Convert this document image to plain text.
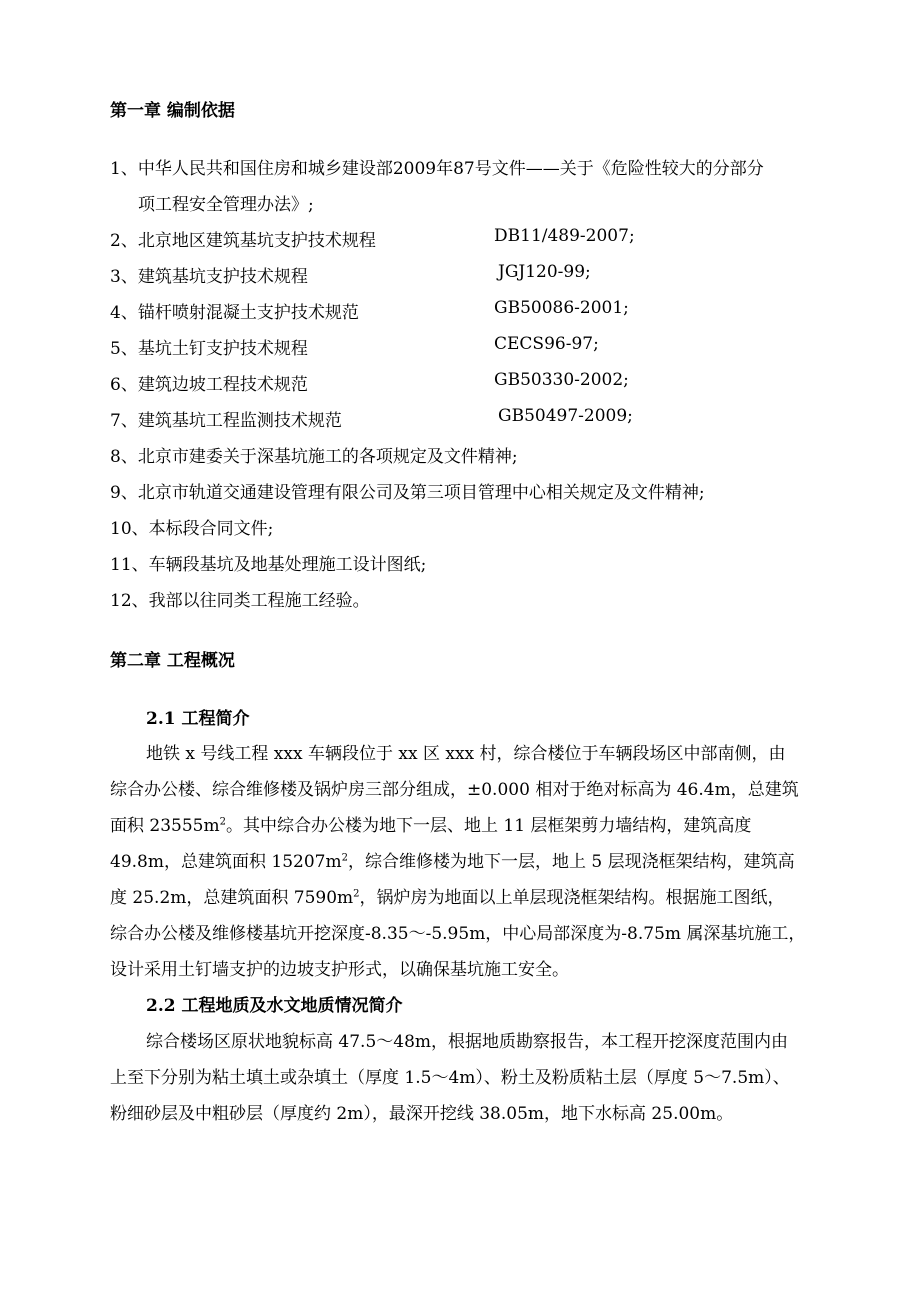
第一章 编制依据
1、中华人民共和国住房和城乡建设部2009年87号文件——关于《危险性较大的分部分
项工程安全管理办法》;
2、北京地区建筑基坑支护技术规程	DB11/489-2007;
3、建筑基坑支护技术规程	JGJ120-99;
4、锚杆喷射混凝土支护技术规范	GB50086-2001;
5、基坑土钉支护技术规程	CECS96-97;
6、建筑边坡工程技术规范	GB50330-2002;
7、建筑基坑工程监测技术规范	GB50497-2009;
8、北京市建委关于深基坑施工的各项规定及文件精神;
9、北京市轨道交通建设管理有限公司及第三项目管理中心相关规定及文件精神;
10、本标段合同文件;
11、车辆段基坑及地基处理施工设计图纸;
12、我部以往同类工程施工经验。
第二章 工程概况
2.1 工程简介
地铁 x 号线工程 xxx 车辆段位于 xx 区 xxx 村，综合楼位于车辆段场区中部南侧，由
综合办公楼、综合维修楼及锅炉房三部分组成，±0.000 相对于绝对标高为 46.4m，总建筑
面积 $23555m^2$。其中综合办公楼为地下一层、地上 11 层框架剪力墙结构，建筑高度
49.8m，总建筑面积 $15207m^2$，综合维修楼为地下一层，地上 5 层现浇框架结构，建筑高
度 25.2m，总建筑面积 $7590m^2$，锅炉房为地面以上单层现浇框架结构。根据施工图纸，
综合办公楼及维修楼基坑开挖深度-8.35～-5.95m，中心局部深度为-8.75m 属深基坑施工，
设计采用土钉墙支护的边坡支护形式，以确保基坑施工安全。
2.2 工程地质及水文地质情况简介
综合楼场区原状地貌标高 47.5～48m，根据地质勘察报告，本工程开挖深度范围内由
上至下分别为粘土填土或杂填土（厚度 1.5～4m）、粉土及粉质粘土层（厚度 5～7.5m）、
粉细砂层及中粗砂层（厚度约 2m），最深开挖线 38.05m，地下水标高 25.00m。
